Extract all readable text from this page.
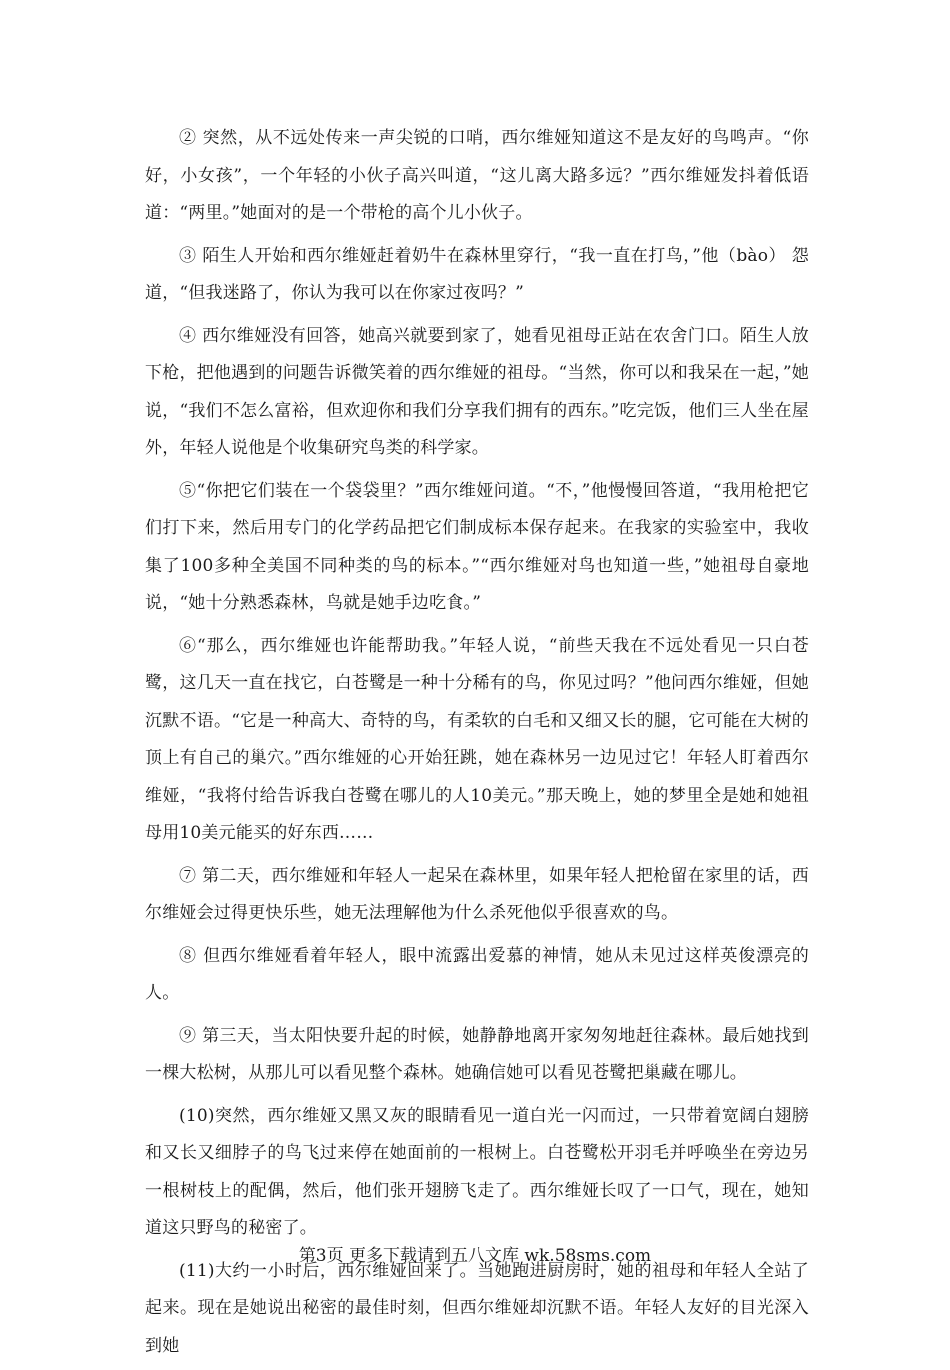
② 突然，从不远处传来一声尖锐的口哨，西尔维娅知道这不是友好的鸟鸣声。“你好，小女孩”，一个年轻的小伙子高兴叫道，“这儿离大路多远？”西尔维娅发抖着低语道：“两里。”她面对的是一个带枪的高个儿小伙子。

③ 陌生人开始和西尔维娅赶着奶牛在森林里穿行，“我一直在打鸟，”他（bào） 怨道，“但我迷路了，你认为我可以在你家过夜吗？”

④ 西尔维娅没有回答，她高兴就要到家了，她看见祖母正站在农舍门口。陌生人放下枪，把他遇到的问题告诉微笑着的西尔维娅的祖母。“当然，你可以和我呆在一起，”她说，“我们不怎么富裕，但欢迎你和我们分享我们拥有的西东。”吃完饭，他们三人坐在屋外，年轻人说他是个收集研究鸟类的科学家。

⑤“你把它们装在一个袋袋里？”西尔维娅问道。“不，”他慢慢回答道，“我用枪把它们打下来，然后用专门的化学药品把它们制成标本保存起来。在我家的实验室中，我收集了100多种全美国不同种类的鸟的标本。”“西尔维娅对鸟也知道一些，”她祖母自豪地说，“她十分熟悉森林，鸟就是她手边吃食。”

⑥“那么，西尔维娅也许能帮助我。”年轻人说，“前些天我在不远处看见一只白苍鹭，这几天一直在找它，白苍鹭是一种十分稀有的鸟，你见过吗？”他问西尔维娅，但她沉默不语。“它是一种高大、奇特的鸟，有柔软的白毛和又细又长的腿，它可能在大树的顶上有自己的巢穴。”西尔维娅的心开始狂跳，她在森林另一边见过它！年轻人盯着西尔维娅，“我将付给告诉我白苍鹭在哪儿的人10美元。”那天晚上，她的梦里全是她和她祖母用10美元能买的好东西……

⑦ 第二天，西尔维娅和年轻人一起呆在森林里，如果年轻人把枪留在家里的话，西尔维娅会过得更快乐些，她无法理解他为什么杀死他似乎很喜欢的鸟。

⑧ 但西尔维娅看着年轻人，眼中流露出爱慕的神情，她从未见过这样英俊漂亮的人。

⑨ 第三天，当太阳快要升起的时候，她静静地离开家匆匆地赶往森林。最后她找到一棵大松树，从那儿可以看见整个森林。她确信她可以看见苍鹭把巢藏在哪儿。

(10)突然，西尔维娅又黑又灰的眼睛看见一道白光一闪而过，一只带着宽阔白翅膀和又长又细脖子的鸟飞过来停在她面前的一根树上。白苍鹭松开羽毛并呼唤坐在旁边另一根树枝上的配偶，然后，他们张开翅膀飞走了。西尔维娅长叹了一口气，现在，她知道这只野鸟的秘密了。

(11)大约一小时后，西尔维娅回来了。当她跑进厨房时，她的祖母和年轻人全站了起来。现在是她说出秘密的最佳时刻，但西尔维娅却沉默不语。年轻人友好的目光深入到她

第3页 更多下载请到五八文库 wk.58sms.com
